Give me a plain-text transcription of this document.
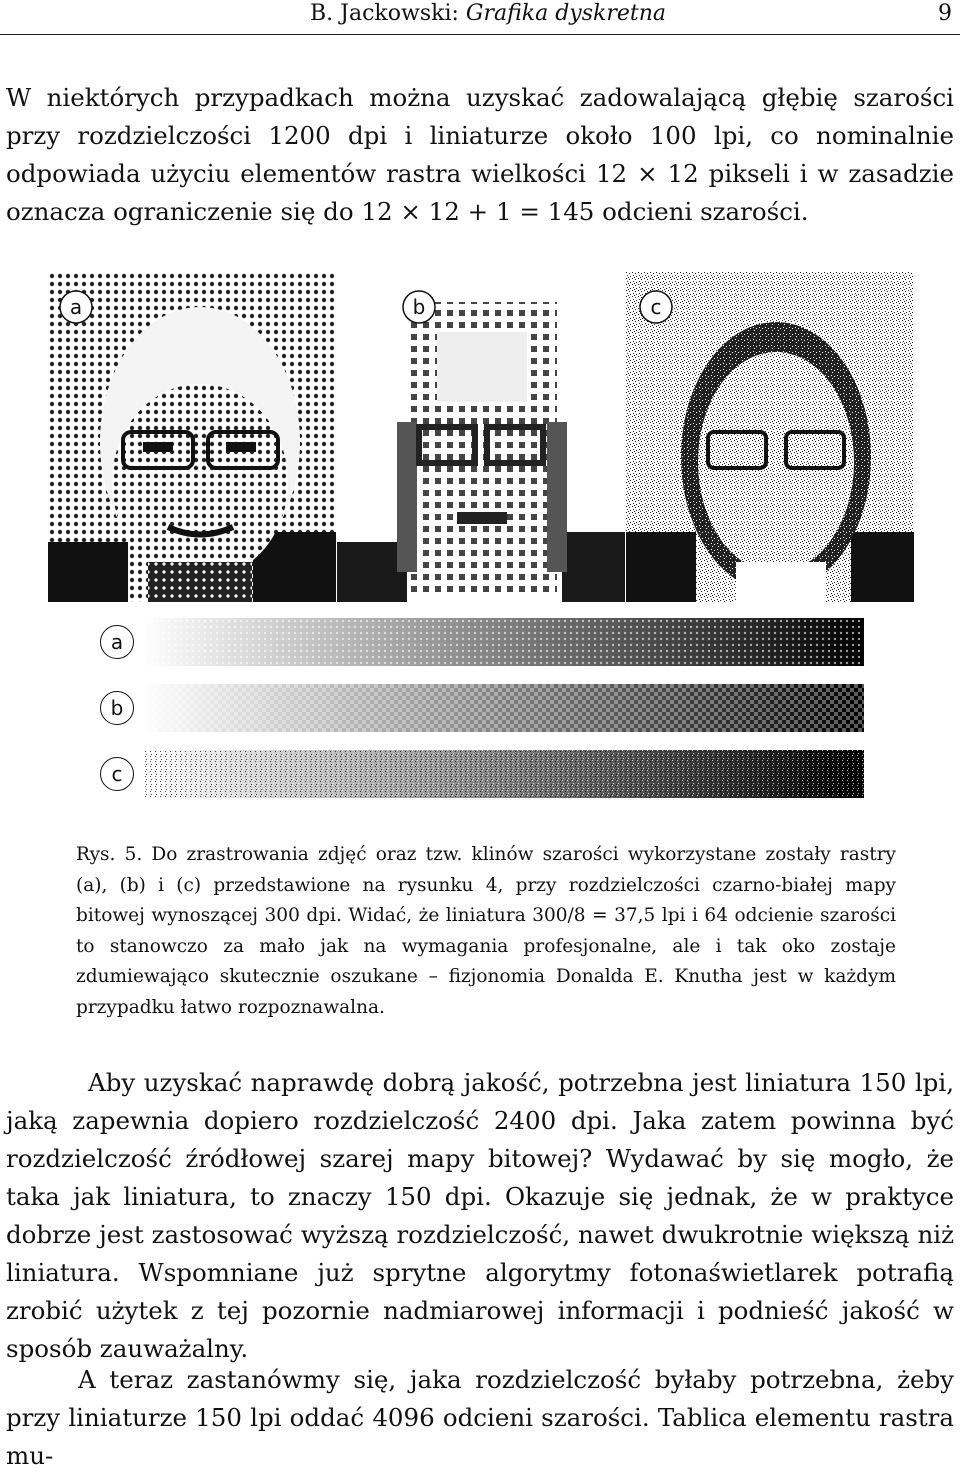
B. Jackowski: Grafika dyskretna	9

W niektórych przypadkach można uzyskać zadowalającą głębię szarości przy rozdzielczości 1200 dpi i liniaturze około 100 lpi, co nominalnie odpowiada użyciu elementów rastra wielkości 12 × 12 pikseli i w zasadzie oznacza ograniczenie się do 12 × 12 + 1 = 145 odcieni szarości.

a	b	c
a
b
c

Rys. 5. Do zrastrowania zdjęć oraz tzw. klinów szarości wykorzystane zostały rastry (a), (b) i (c) przedstawione na rysunku 4, przy rozdzielczości czarno-białej mapy bitowej wynoszącej 300 dpi. Widać, że liniatura 300/8 = 37,5 lpi i 64 odcienie szarości to stanowczo za mało jak na wymagania profesjonalne, ale i tak oko zostaje zdumiewająco skutecznie oszukane – fizjonomia Donalda E. Knutha jest w każdym przypadku łatwo rozpoznawalna.

Aby uzyskać naprawdę dobrą jakość, potrzebna jest liniatura 150 lpi, jaką zapewnia dopiero rozdzielczość 2400 dpi. Jaka zatem powinna być rozdzielczość źródłowej szarej mapy bitowej? Wydawać by się mogło, że taka jak liniatura, to znaczy 150 dpi. Okazuje się jednak, że w praktyce dobrze jest zastosować wyższą rozdzielczość, nawet dwukrotnie większą niż liniatura. Wspomniane już sprytne algorytmy fotonaświetlarek potrafią zrobić użytek z tej pozornie nadmiarowej informacji i podnieść jakość w sposób zauważalny.

A teraz zastanówmy się, jaka rozdzielczość byłaby potrzebna, żeby przy liniaturze 150 lpi oddać 4096 odcieni szarości. Tablica elementu rastra mu-
